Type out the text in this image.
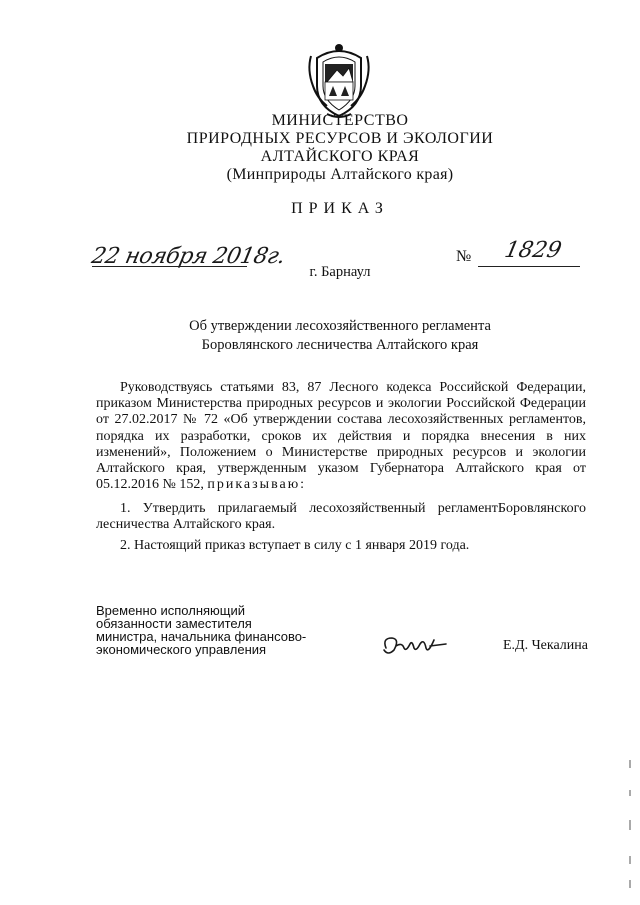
МИНИСТЕРСТВО
ПРИРОДНЫХ РЕСУРСОВ И ЭКОЛОГИИ
АЛТАЙСКОГО КРАЯ
(Минприроды Алтайского края)
ПРИКАЗ
22 ноября 2018г.	№ 1829
г. Барнаул
Об утверждении лесохозяйственного регламента
Боровлянского лесничества Алтайского края
Руководствуясь статьями 83, 87 Лесного кодекса Российской Федерации, приказом Министерства природных ресурсов и экологии Российской Федерации от 27.02.2017 № 72 «Об утверждении состава лесохозяйственных регламентов, порядка их разработки, сроков их действия и порядка внесения в них изменений», Положением о Министерстве природных ресурсов и экологии Алтайского края, утвержденным указом Губернатора Алтайского края от 05.12.2016 № 152, приказываю:
1. Утвердить прилагаемый лесохозяйственный регламентБоровлянского лесничества Алтайского края.
2. Настоящий приказ вступает в силу с 1 января 2019 года.
Временно исполняющий
обязанности заместителя
министра, начальника финансово-
экономического управления	Е.Д. Чекалина
